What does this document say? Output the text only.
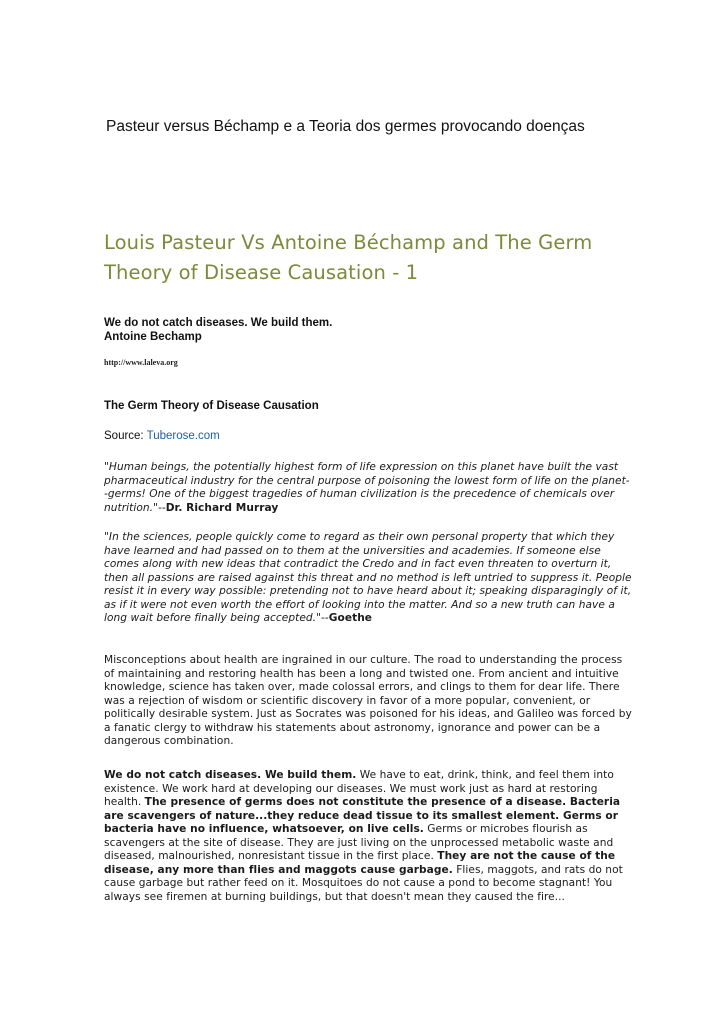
Pasteur versus Béchamp e a Teoria dos germes provocando doenças
Louis Pasteur Vs Antoine Béchamp and The Germ Theory of Disease Causation - 1
We do not catch diseases. We build them.
Antoine Bechamp
http://www.laleva.org
The Germ Theory of Disease Causation
Source: Tuberose.com
"Human beings, the potentially highest form of life expression on this planet have built the vast pharmaceutical industry for the central purpose of poisoning the lowest form of life on the planet--germs! One of the biggest tragedies of human civilization is the precedence of chemicals over nutrition."--Dr. Richard Murray
"In the sciences, people quickly come to regard as their own personal property that which they have learned and had passed on to them at the universities and academies. If someone else comes along with new ideas that contradict the Credo and in fact even threaten to overturn it, then all passions are raised against this threat and no method is left untried to suppress it. People resist it in every way possible: pretending not to have heard about it; speaking disparagingly of it, as if it were not even worth the effort of looking into the matter. And so a new truth can have a long wait before finally being accepted."--Goethe
Misconceptions about health are ingrained in our culture. The road to understanding the process of maintaining and restoring health has been a long and twisted one. From ancient and intuitive knowledge, science has taken over, made colossal errors, and clings to them for dear life. There was a rejection of wisdom or scientific discovery in favor of a more popular, convenient, or politically desirable system. Just as Socrates was poisoned for his ideas, and Galileo was forced by a fanatic clergy to withdraw his statements about astronomy, ignorance and power can be a dangerous combination.
We do not catch diseases. We build them. We have to eat, drink, think, and feel them into existence. We work hard at developing our diseases. We must work just as hard at restoring health. The presence of germs does not constitute the presence of a disease. Bacteria are scavengers of nature...they reduce dead tissue to its smallest element. Germs or bacteria have no influence, whatsoever, on live cells. Germs or microbes flourish as scavengers at the site of disease. They are just living on the unprocessed metabolic waste and diseased, malnourished, nonresistant tissue in the first place. They are not the cause of the disease, any more than flies and maggots cause garbage. Flies, maggots, and rats do not cause garbage but rather feed on it. Mosquitoes do not cause a pond to become stagnant! You always see firemen at burning buildings, but that doesn't mean they caused the fire...
